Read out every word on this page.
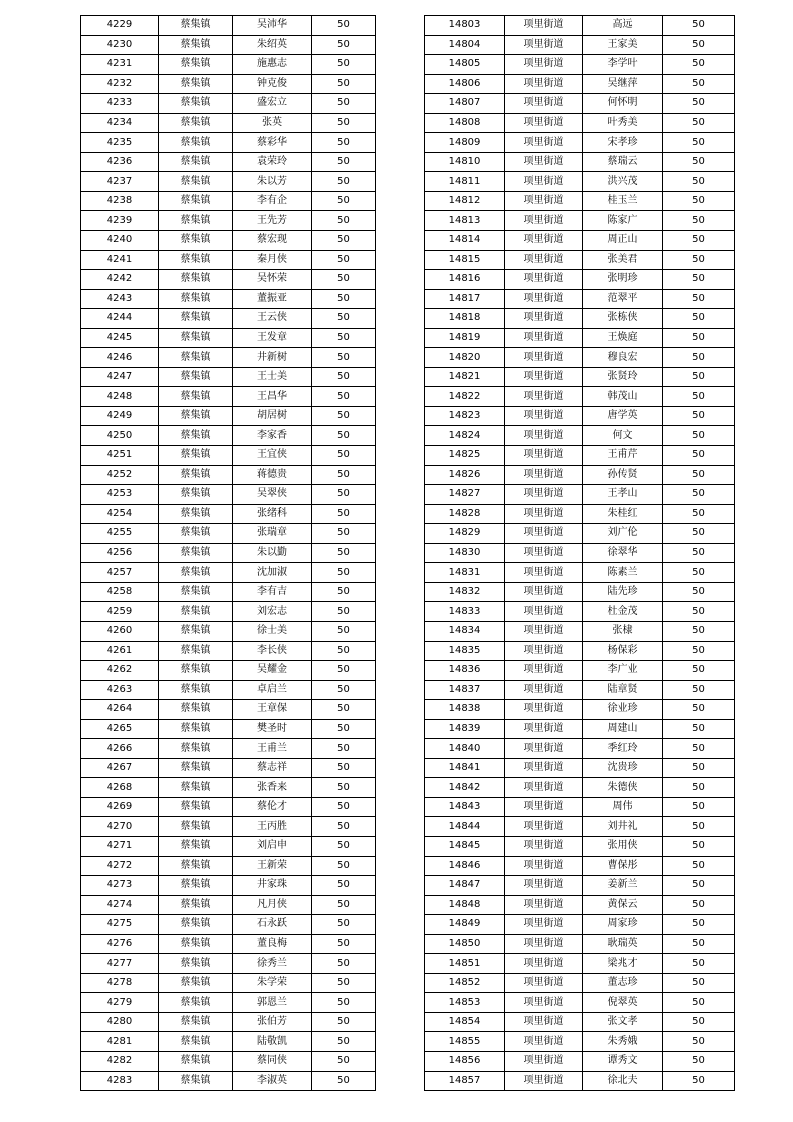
4229	蔡集镇	吴沛华	50
4230	蔡集镇	朱绍英	50
4231	蔡集镇	施惠志	50
4232	蔡集镇	钟克俊	50
4233	蔡集镇	盛宏立	50
4234	蔡集镇	张英	50
4235	蔡集镇	蔡彩华	50
4236	蔡集镇	袁荣玲	50
4237	蔡集镇	朱以芳	50
4238	蔡集镇	李有企	50
4239	蔡集镇	王先芳	50
4240	蔡集镇	蔡宏现	50
4241	蔡集镇	秦月侠	50
4242	蔡集镇	吴怀荣	50
4243	蔡集镇	董振亚	50
4244	蔡集镇	王云侠	50
4245	蔡集镇	王发章	50
4246	蔡集镇	井新树	50
4247	蔡集镇	王士美	50
4248	蔡集镇	王昌华	50
4249	蔡集镇	胡居树	50
4250	蔡集镇	李家香	50
4251	蔡集镇	王宜侠	50
4252	蔡集镇	蒋德贵	50
4253	蔡集镇	吴翠侠	50
4254	蔡集镇	张绪科	50
4255	蔡集镇	张瑞章	50
4256	蔡集镇	朱以勤	50
4257	蔡集镇	沈加淑	50
4258	蔡集镇	李有吉	50
4259	蔡集镇	刘宏志	50
4260	蔡集镇	徐士美	50
4261	蔡集镇	李长侠	50
4262	蔡集镇	吴耀金	50
4263	蔡集镇	卓启兰	50
4264	蔡集镇	王章保	50
4265	蔡集镇	樊圣时	50
4266	蔡集镇	王甫兰	50
4267	蔡集镇	蔡志祥	50
4268	蔡集镇	张香来	50
4269	蔡集镇	蔡伦才	50
4270	蔡集镇	王丙胜	50
4271	蔡集镇	刘启申	50
4272	蔡集镇	王新荣	50
4273	蔡集镇	井家珠	50
4274	蔡集镇	凡月侠	50
4275	蔡集镇	石永跃	50
4276	蔡集镇	董良梅	50
4277	蔡集镇	徐秀兰	50
4278	蔡集镇	朱学荣	50
4279	蔡集镇	郭恩兰	50
4280	蔡集镇	张伯芳	50
4281	蔡集镇	陆敬凯	50
4282	蔡集镇	蔡同侠	50
4283	蔡集镇	李淑英	50
14803	项里街道	高远	50
14804	项里街道	王家美	50
14805	项里街道	李学叶	50
14806	项里街道	吴继萍	50
14807	项里街道	何怀明	50
14808	项里街道	叶秀美	50
14809	项里街道	宋孝珍	50
14810	项里街道	蔡瑞云	50
14811	项里街道	洪兴茂	50
14812	项里街道	桂玉兰	50
14813	项里街道	陈家广	50
14814	项里街道	周正山	50
14815	项里街道	张美君	50
14816	项里街道	张明珍	50
14817	项里街道	范翠平	50
14818	项里街道	张栋侠	50
14819	项里街道	王焕庭	50
14820	项里街道	穆良宏	50
14821	项里街道	张贤玲	50
14822	项里街道	韩茂山	50
14823	项里街道	唐学英	50
14824	项里街道	何文	50
14825	项里街道	王甫芹	50
14826	项里街道	孙传贤	50
14827	项里街道	王孝山	50
14828	项里街道	朱桂红	50
14829	项里街道	刘广伦	50
14830	项里街道	徐翠华	50
14831	项里街道	陈素兰	50
14832	项里街道	陆先珍	50
14833	项里街道	杜金茂	50
14834	项里街道	张棣	50
14835	项里街道	杨保彩	50
14836	项里街道	李广业	50
14837	项里街道	陆章贤	50
14838	项里街道	徐业珍	50
14839	项里街道	周建山	50
14840	项里街道	季红玲	50
14841	项里街道	沈贵珍	50
14842	项里街道	朱德侠	50
14843	项里街道	周伟	50
14844	项里街道	刘井礼	50
14845	项里街道	张用侠	50
14846	项里街道	曹保彤	50
14847	项里街道	姜新兰	50
14848	项里街道	黄保云	50
14849	项里街道	周家珍	50
14850	项里街道	耿瑞英	50
14851	项里街道	梁兆才	50
14852	项里街道	董志珍	50
14853	项里街道	倪翠英	50
14854	项里街道	张文孝	50
14855	项里街道	朱秀娥	50
14856	项里街道	谭秀文	50
14857	项里街道	徐北夫	50
